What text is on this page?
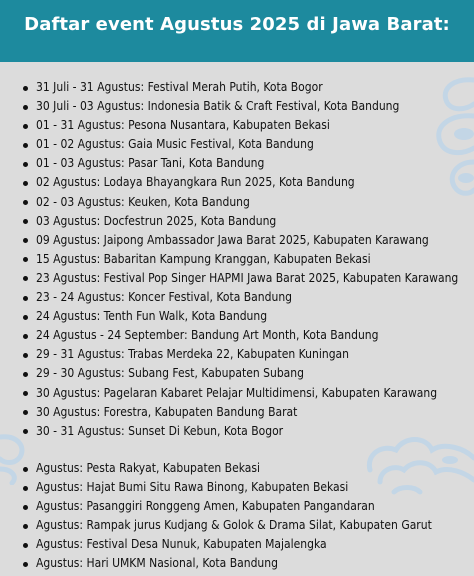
Daftar event Agustus 2025 di Jawa Barat:
31 Juli - 31 Agustus: Festival Merah Putih, Kota Bogor
30 Juli - 03 Agustus: Indonesia Batik & Craft Festival, Kota Bandung
01 - 31 Agustus: Pesona Nusantara, Kabupaten Bekasi
01 - 02 Agustus: Gaia Music Festival, Kota Bandung
01 - 03 Agustus: Pasar Tani, Kota Bandung
02 Agustus: Lodaya Bhayangkara Run 2025, Kota Bandung
02 - 03 Agustus: Keuken, Kota Bandung
03 Agustus: Docfestrun 2025, Kota Bandung
09 Agustus: Jaipong Ambassador Jawa Barat 2025, Kabupaten Karawang
15 Agustus: Babaritan Kampung Kranggan, Kabupaten Bekasi
23 Agustus: Festival Pop Singer HAPMI Jawa Barat 2025, Kabupaten Karawang
23 - 24 Agustus: Koncer Festival, Kota Bandung
24 Agustus: Tenth Fun Walk, Kota Bandung
24 Agustus - 24 September: Bandung Art Month, Kota Bandung
29 - 31 Agustus: Trabas Merdeka 22, Kabupaten Kuningan
29 - 30 Agustus: Subang Fest, Kabupaten Subang
30 Agustus: Pagelaran Kabaret Pelajar Multidimensi, Kabupaten Karawang
30 Agustus: Forestra, Kabupaten Bandung Barat
30 - 31 Agustus: Sunset Di Kebun, Kota Bogor
Agustus: Pesta Rakyat, Kabupaten Bekasi
Agustus: Hajat Bumi Situ Rawa Binong, Kabupaten Bekasi
Agustus: Pasanggiri Ronggeng Amen, Kabupaten Pangandaran
Agustus: Rampak jurus Kudjang & Golok & Drama Silat, Kabupaten Garut
Agustus: Festival Desa Nunuk, Kabupaten Majalengka
Agustus: Hari UMKM Nasional, Kota Bandung
